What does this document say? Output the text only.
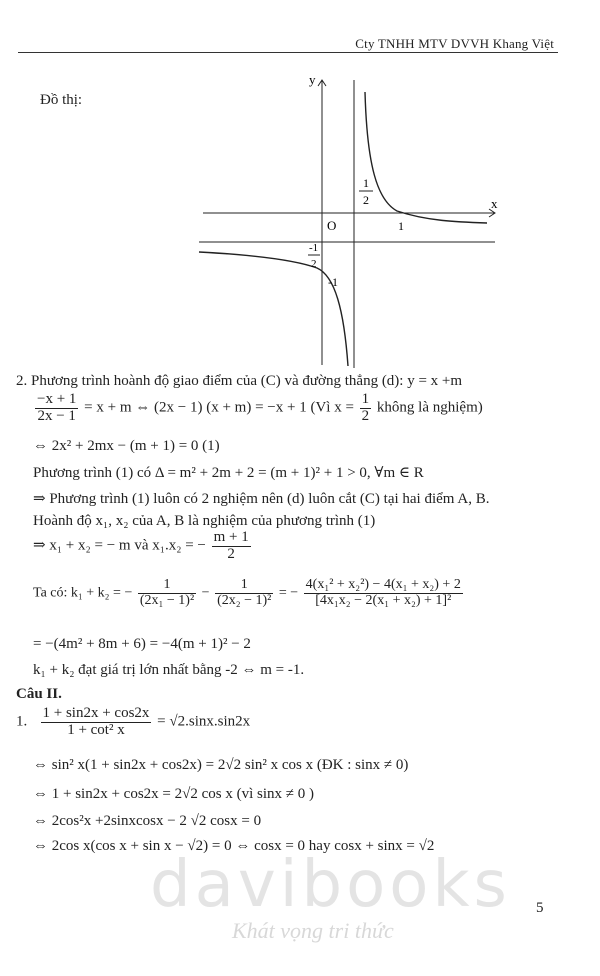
Cty TNHH MTV DVVH Khang Việt
Đồ thị:
y
x
O
1
2
1
-1
2
-1
2. Phương trình hoành độ giao điểm của (C) và đường thẳng (d): y = x +m
$\frac{-x + 1}{2x - 1} = x + m$ ⇔ (2x − 1) (x + m) = −x + 1 (Vì $x = \frac{1}{2}$ không là nghiệm)
⇔ 2x² + 2mx − (m + 1) = 0 (1)
Phương trình (1) có Δ = m² + 2m + 2 = (m + 1)² + 1 > 0, ∀m ∈ R
⇒ Phương trình (1) luôn có 2 nghiệm nên (d) luôn cắt (C) tại hai điểm A, B.
Hoành độ x₁, x₂ của A, B là nghiệm của phương trình (1)
⇒ x₁ + x₂ = − m và x₁.x₂ = − $\frac{m + 1}{2}$
Ta có: k₁ + k₂ = − $\frac{1}{\text{(2x₁ − 1)²}} - \frac{1}{\text{(2x₂ − 1)²}}$ = − $\frac{\text{4(x₁² + x₂²) − 4(x₁ + x₂) + 2}}{\text{[4x₁x₂ − 2(x₁ + x₂) + 1]²}}$
= −(4m² + 8m + 6) = −4(m + 1)² − 2
k₁ + k₂ đạt giá trị lớn nhất bằng -2 ⇔ m = -1.
Câu II.
1. $\frac{1 + \sin 2x + \cos 2x}{\text{1 + cot² x}} = √2.\sin x.\sin 2x$
⇔ sin² x(1 + sin2x + cos2x) = 2√2 sin² x cos x (ĐK : sinx ≠ 0)
⇔ 1 + sin2x + cos2x = 2√2 cos x (vì sinx ≠ 0 )
⇔ 2cos²x +2sinxcosx − 2 √2 cosx = 0
⇔ 2cos x(cos x + sin x − √2) = 0 ⇔ cosx = 0 hay cosx + sinx = √2
davibooks
Khát vọng tri thức
5
